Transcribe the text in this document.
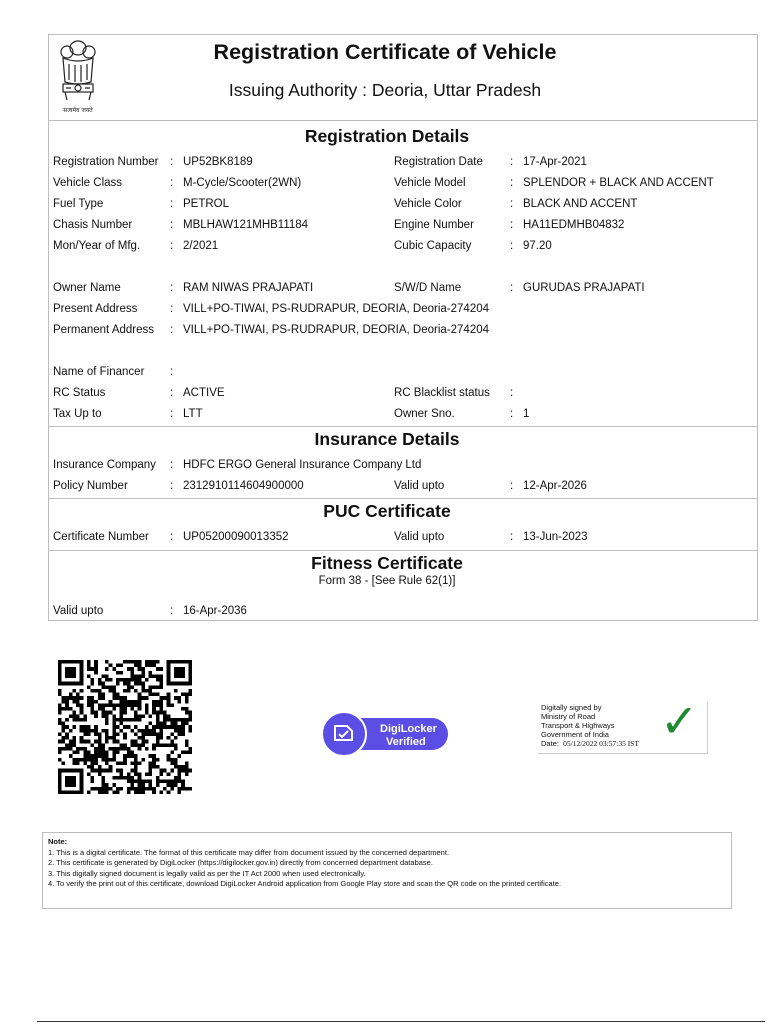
सत्यमेव जयते
Registration Certificate of Vehicle
Issuing Authority : Deoria, Uttar Pradesh
Registration Details
Registration Number : UP52BK8189	Registration Date : 17-Apr-2021
Vehicle Class	: M-Cycle/Scooter(2WN)	Vehicle Model	: SPLENDOR + BLACK AND ACCENT
Fuel Type	: PETROL	Vehicle Color	: BLACK AND ACCENT
Chasis Number	: MBLHAW121MHB11184	Engine Number	: HA11EDMHB04832
Mon/Year of Mfg.	: 2/2021	Cubic Capacity	: 97.20
Owner Name	: RAM NIWAS PRAJAPATI	S/W/D Name	: GURUDAS PRAJAPATI
Present Address	: VILL+PO-TIWAI, PS-RUDRAPUR, DEORIA, Deoria-274204
Permanent Address : VILL+PO-TIWAI, PS-RUDRAPUR, DEORIA, Deoria-274204
Name of Financer :
RC Status	: ACTIVE	RC Blacklist status :
Tax Up to	: LTT	Owner Sno.	: 1
Insurance Details
Insurance Company : HDFC ERGO General Insurance Company Ltd
Policy Number	: 2312910114604900000	Valid upto	: 12-Apr-2026
PUC Certificate
Certificate Number : UP05200090013352	Valid upto	: 13-Jun-2023
Fitness Certificate
Form 38 - [See Rule 62(1)]
Valid upto	: 16-Apr-2036
DigiLocker
Verified
Digitally signed by
Ministry of Road
Transport & Highways
Government of India
Date: 05/12/2022 03:57:35 IST ✓
Note:
1. This is a digital certificate. The format of this certificate may differ from document issued by the concerned department.
2. This certificate is generated by DigiLocker (https://digilocker.gov.in) directly from concerned department database.
3. This digitally signed document is legally valid as per the IT Act 2000 when used electronically.
4. To verify the print out of this certificate, download DigiLocker Android application from Google Play store and scan the QR code on the printed certificate.
